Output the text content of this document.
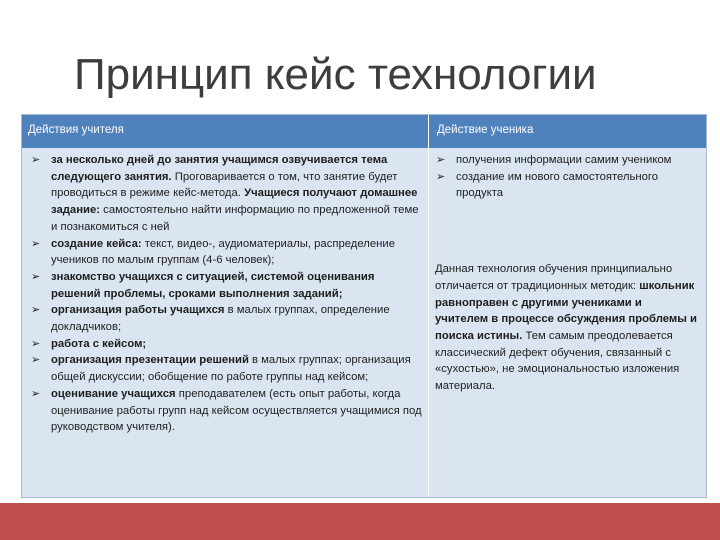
Принцип кейс технологии
Действия учителя	Действие ученика
➢ за несколько дней до занятия учащимся озвучивается тема следующего занятия. Проговаривается о том, что занятие будет проводиться в режиме кейс-метода. Учащиеся получают домашнее задание: самостоятельно найти информацию по предложенной теме и познакомиться с ней
➢ создание кейса: текст, видео-, аудиоматериалы, распределение учеников по малым группам (4-6 человек);
➢ знакомство учащихся с ситуацией, системой оценивания решений проблемы, сроками выполнения заданий;
➢ организация работы учащихся в малых группах, определение докладчиков;
➢ работа с кейсом;
➢ организация презентации решений в малых группах; организация общей дискуссии; обобщение по работе группы над кейсом;
➢ оценивание учащихся преподавателем (есть опыт работы, когда оценивание работы групп над кейсом осуществляется учащимися под руководством учителя).
➢ получения информации самим учеником
➢ создание им нового самостоятельного продукта
Данная технология обучения принципиально отличается от традиционных методик: школьник равноправен с другими учениками и учителем в процессе обсуждения проблемы и поиска истины. Тем самым преодолевается классический дефект обучения, связанный с «сухостью», не эмоциональностью изложения материала.
